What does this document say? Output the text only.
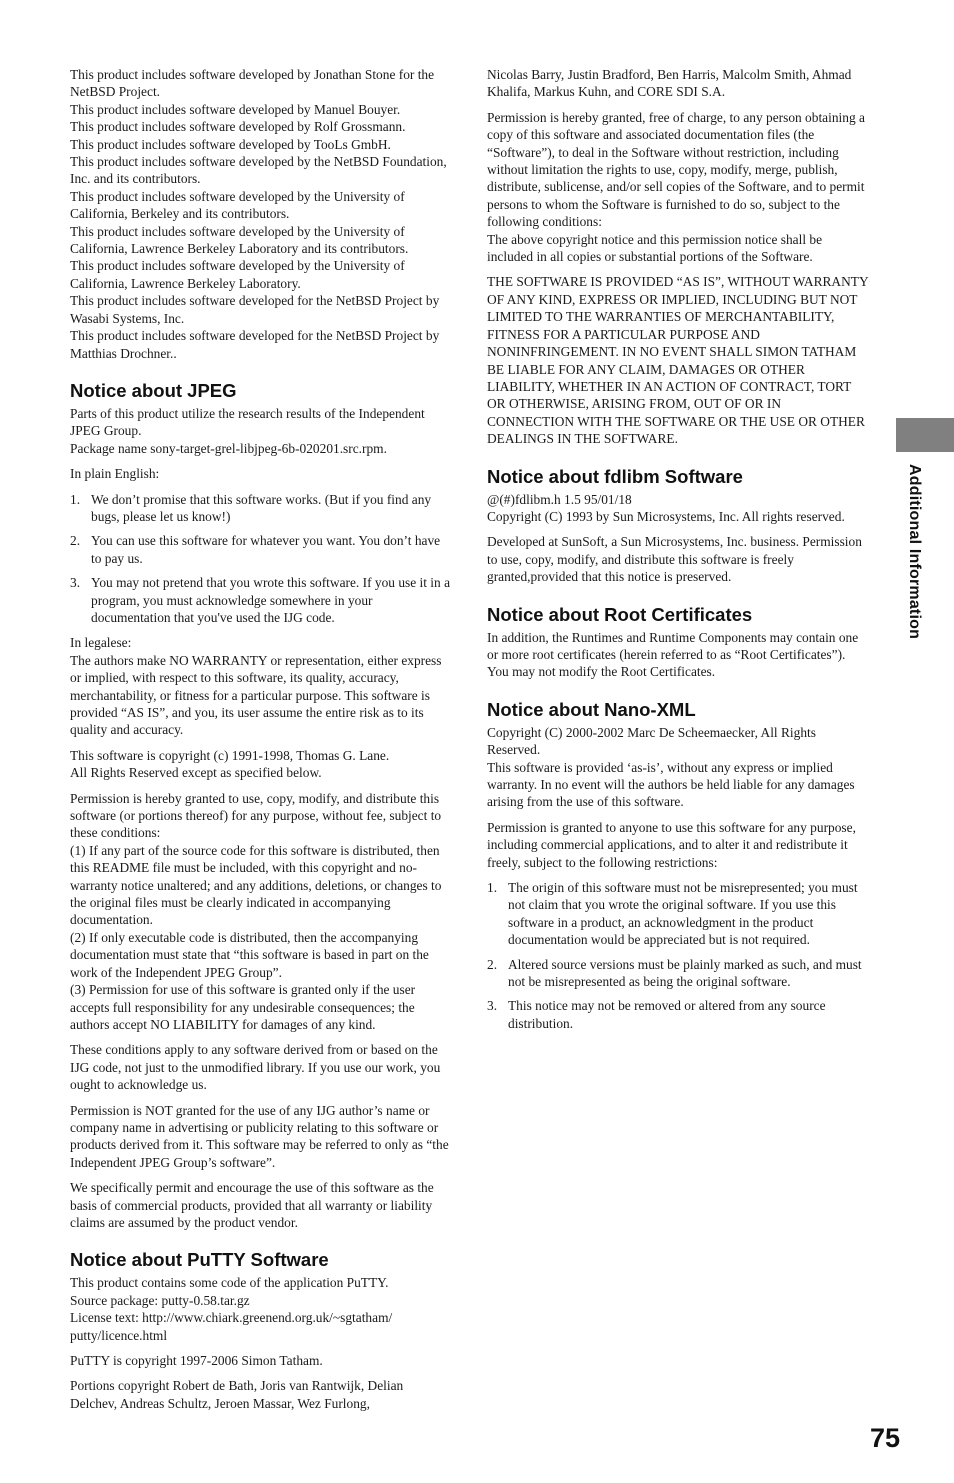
This product includes software developed by Jonathan Stone for the NetBSD Project.
This product includes software developed by Manuel Bouyer.
This product includes software developed by Rolf Grossmann.
This product includes software developed by TooLs GmbH.
This product includes software developed by the NetBSD Foundation, Inc. and its contributors.
This product includes software developed by the University of California, Berkeley and its contributors.
This product includes software developed by the University of California, Lawrence Berkeley Laboratory and its contributors.
This product includes software developed by the University of California, Lawrence Berkeley Laboratory.
This product includes software developed for the NetBSD Project by Wasabi Systems, Inc.
This product includes software developed for the NetBSD Project by Matthias Drochner..
Notice about JPEG
Parts of this product utilize the research results of the Independent JPEG Group.
Package name sony-target-grel-libjpeg-6b-020201.src.rpm.
In plain English:
1. We don’t promise that this software works. (But if you find any bugs, please let us know!)
2. You can use this software for whatever you want. You don’t have to pay us.
3. You may not pretend that you wrote this software. If you use it in a program, you must acknowledge somewhere in your documentation that you've used the IJG code.
In legalese:
The authors make NO WARRANTY or representation, either express or implied, with respect to this software, its quality, accuracy, merchantability, or fitness for a particular purpose. This software is provided “AS IS”, and you, its user assume the entire risk as to its quality and accuracy.
This software is copyright (c) 1991-1998, Thomas G. Lane.
All Rights Reserved except as specified below.
Permission is hereby granted to use, copy, modify, and distribute this software (or portions thereof) for any purpose, without fee, subject to these conditions:
(1) If any part of the source code for this software is distributed, then this README file must be included, with this copyright and no-warranty notice unaltered; and any additions, deletions, or changes to the original files must be clearly indicated in accompanying documentation.
(2) If only executable code is distributed, then the accompanying documentation must state that “this software is based in part on the work of the Independent JPEG Group”.
(3) Permission for use of this software is granted only if the user accepts full responsibility for any undesirable consequences; the authors accept NO LIABILITY for damages of any kind.
These conditions apply to any software derived from or based on the IJG code, not just to the unmodified library. If you use our work, you ought to acknowledge us.
Permission is NOT granted for the use of any IJG author’s name or company name in advertising or publicity relating to this software or products derived from it. This software may be referred to only as “the Independent JPEG Group’s software”.
We specifically permit and encourage the use of this software as the basis of commercial products, provided that all warranty or liability claims are assumed by the product vendor.
Notice about PuTTY Software
This product contains some code of the application PuTTY.
Source package: putty-0.58.tar.gz
License text: http://www.chiark.greenend.org.uk/~sgtatham/ putty/licence.html
PuTTY is copyright 1997-2006 Simon Tatham.
Portions copyright Robert de Bath, Joris van Rantwijk, Delian Delchev, Andreas Schultz, Jeroen Massar, Wez Furlong,
Nicolas Barry, Justin Bradford, Ben Harris, Malcolm Smith, Ahmad Khalifa, Markus Kuhn, and CORE SDI S.A.
Permission is hereby granted, free of charge, to any person obtaining a copy of this software and associated documentation files (the “Software”), to deal in the Software without restriction, including without limitation the rights to use, copy, modify, merge, publish, distribute, sublicense, and/or sell copies of the Software, and to permit persons to whom the Software is furnished to do so, subject to the following conditions:
The above copyright notice and this permission notice shall be included in all copies or substantial portions of the Software.
THE SOFTWARE IS PROVIDED “AS IS”, WITHOUT WARRANTY OF ANY KIND, EXPRESS OR IMPLIED, INCLUDING BUT NOT LIMITED TO THE WARRANTIES OF MERCHANTABILITY, FITNESS FOR A PARTICULAR PURPOSE AND NONINFRINGEMENT. IN NO EVENT SHALL SIMON TATHAM BE LIABLE FOR ANY CLAIM, DAMAGES OR OTHER LIABILITY, WHETHER IN AN ACTION OF CONTRACT, TORT OR OTHERWISE, ARISING FROM, OUT OF OR IN CONNECTION WITH THE SOFTWARE OR THE USE OR OTHER DEALINGS IN THE SOFTWARE.
Notice about fdlibm Software
@(#)fdlibm.h 1.5 95/01/18
Copyright (C) 1993 by Sun Microsystems, Inc. All rights reserved.
Developed at SunSoft, a Sun Microsystems, Inc. business. Permission to use, copy, modify, and distribute this software is freely granted,provided that this notice is preserved.
Notice about Root Certificates
In addition, the Runtimes and Runtime Components may contain one or more root certificates (herein referred to as “Root Certificates”). You may not modify the Root Certificates.
Notice about Nano-XML
Copyright (C) 2000-2002 Marc De Scheemaecker, All Rights Reserved.
This software is provided ‘as-is’, without any express or implied warranty. In no event will the authors be held liable for any damages arising from the use of this software.
Permission is granted to anyone to use this software for any purpose, including commercial applications, and to alter it and redistribute it freely, subject to the following restrictions:
1. The origin of this software must not be misrepresented; you must not claim that you wrote the original software. If you use this software in a product, an acknowledgment in the product documentation would be appreciated but is not required.
2. Altered source versions must be plainly marked as such, and must not be misrepresented as being the original software.
3. This notice may not be removed or altered from any source distribution.
Additional Information
75
